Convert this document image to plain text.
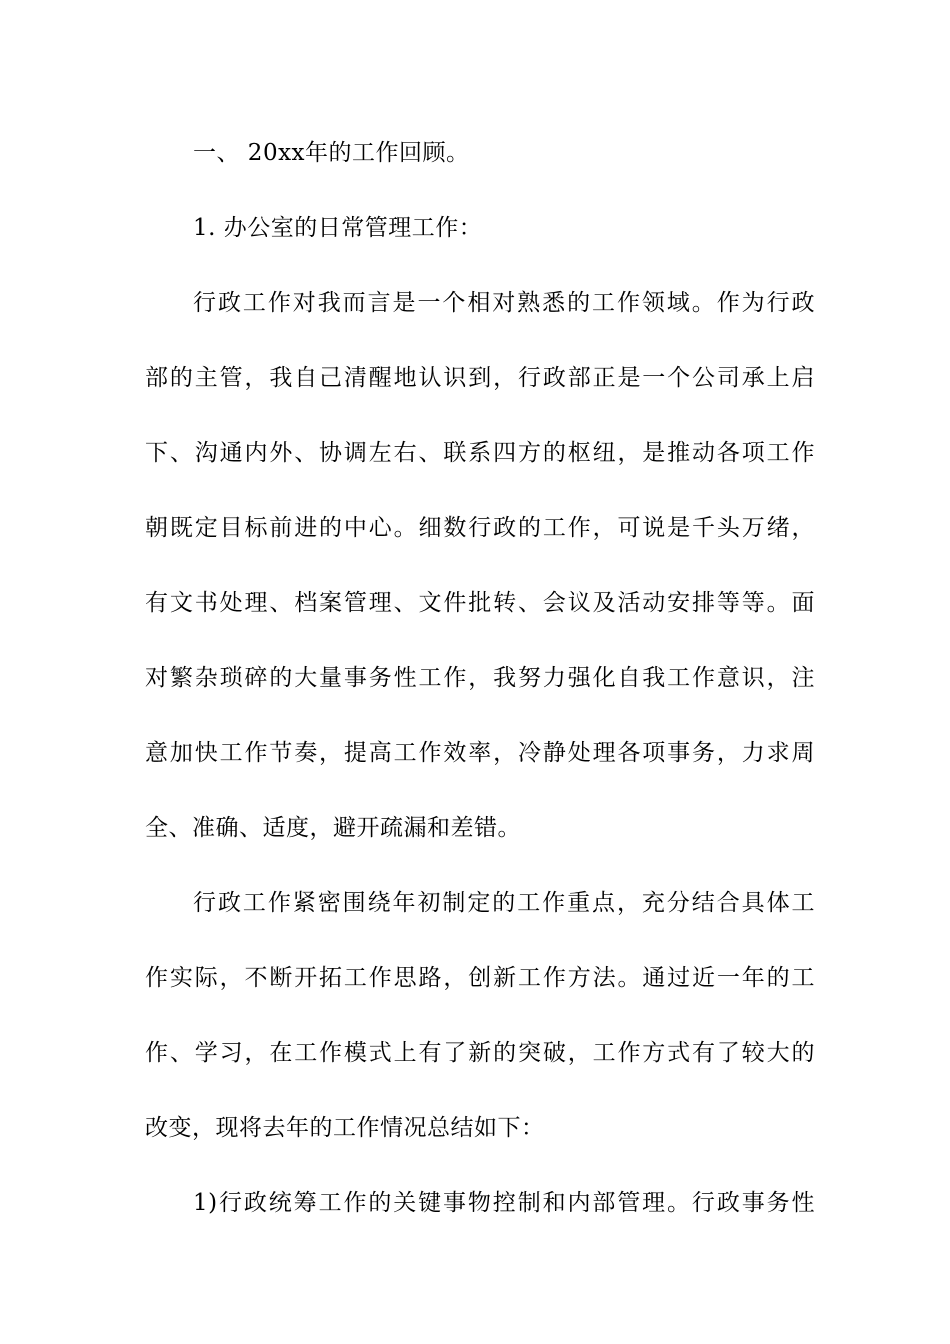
一、 20xx年的工作回顾。
1. 办公室的日常管理工作：
行政工作对我而言是一个相对熟悉的工作领域。作为行政
部的主管，我自己清醒地认识到，行政部正是一个公司承上启
下、沟通内外、协调左右、联系四方的枢纽，是推动各项工作
朝既定目标前进的中心。细数行政的工作，可说是千头万绪，
有文书处理、档案管理、文件批转、会议及活动安排等等。面
对繁杂琐碎的大量事务性工作，我努力强化自我工作意识，注
意加快工作节奏，提高工作效率，冷静处理各项事务，力求周
全、准确、适度，避开疏漏和差错。
行政工作紧密围绕年初制定的工作重点，充分结合具体工
作实际，不断开拓工作思路，创新工作方法。通过近一年的工
作、学习，在工作模式上有了新的突破，工作方式有了较大的
改变，现将去年的工作情况总结如下：
1)行政统筹工作的关键事物控制和内部管理。行政事务性
